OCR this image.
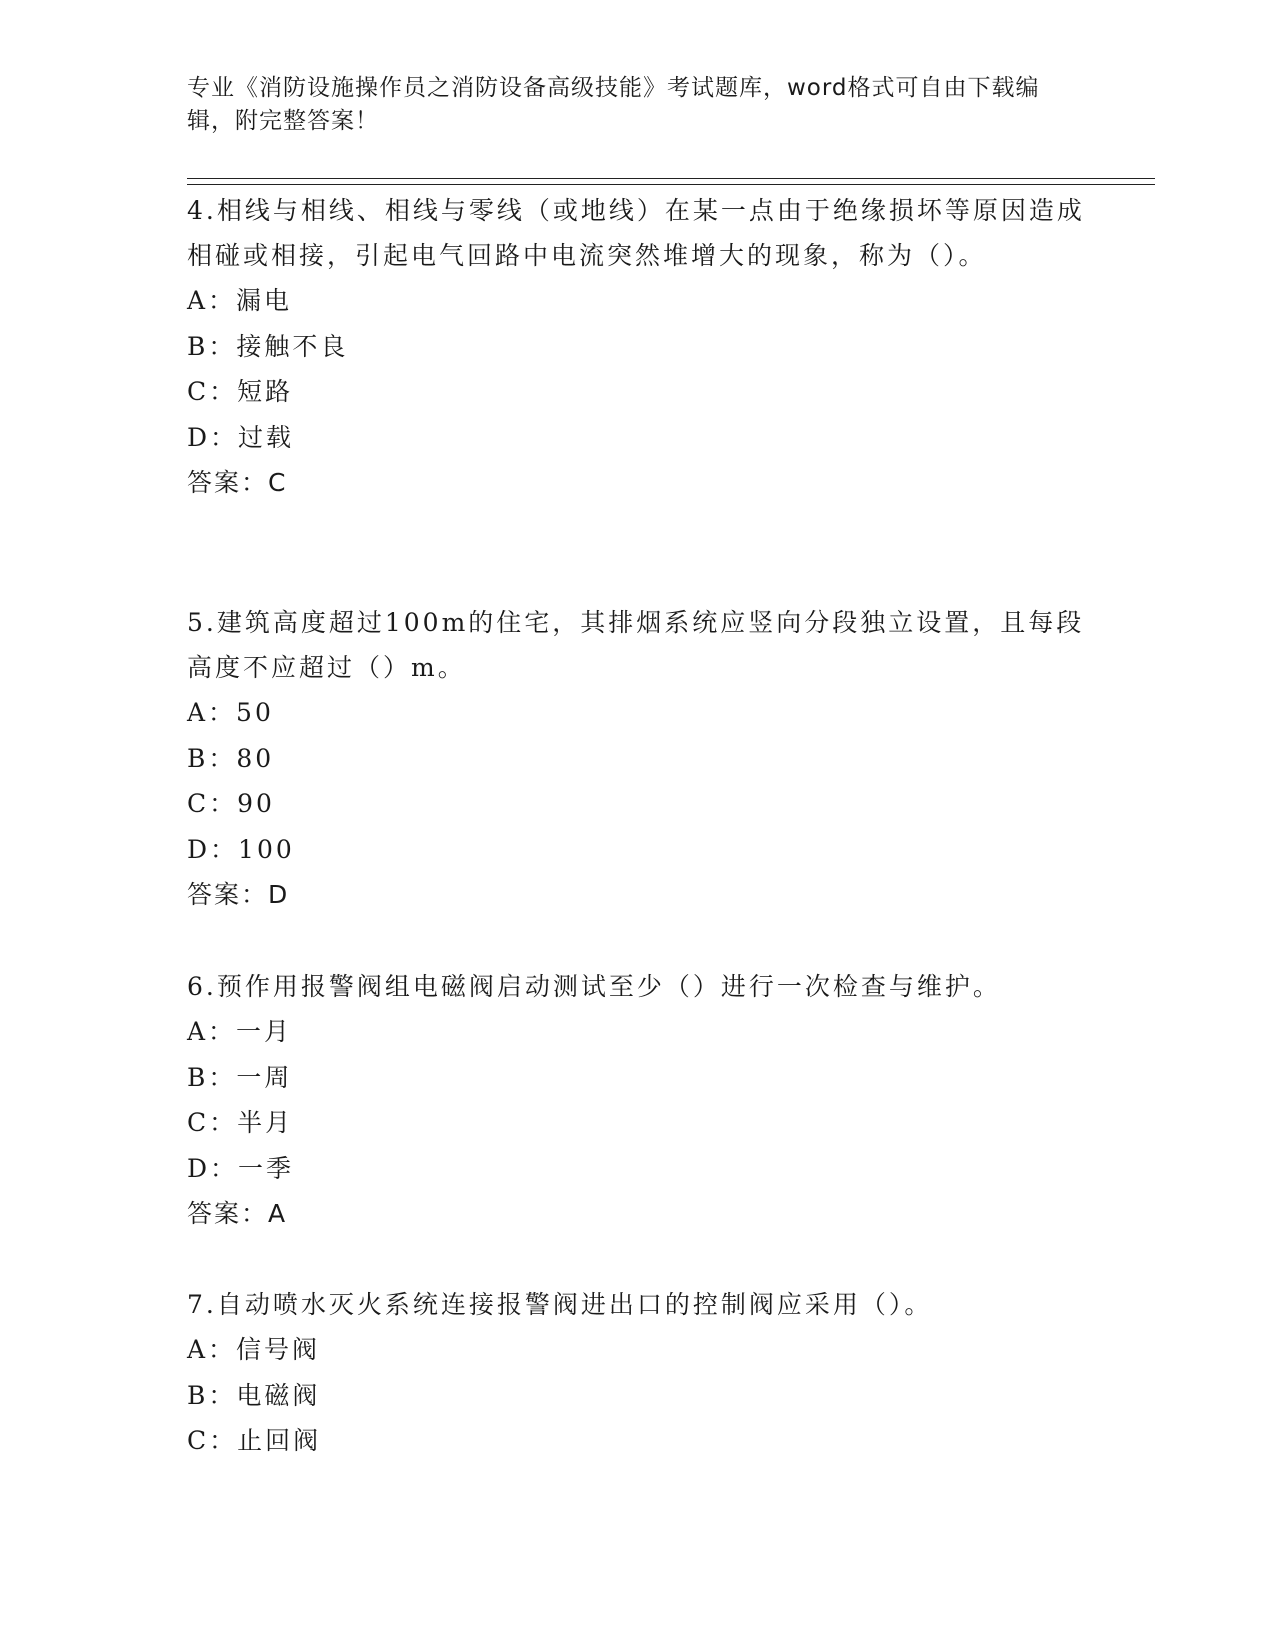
专业《消防设施操作员之消防设备高级技能》考试题库，word格式可自由下载编辑，附完整答案！

4.相线与相线、相线与零线（或地线）在某一点由于绝缘损坏等原因造成相碰或相接，引起电气回路中电流突然堆增大的现象，称为（）。

A：漏电

B：接触不良

C：短路

D：过载

答案：C

5.建筑高度超过100m的住宅，其排烟系统应竖向分段独立设置，且每段高度不应超过（）m。

A：50

B：80

C：90

D：100

答案：D

6.预作用报警阀组电磁阀启动测试至少（）进行一次检查与维护。

A：一月

B：一周

C：半月

D：一季

答案：A

7.自动喷水灭火系统连接报警阀进出口的控制阀应采用（）。

A：信号阀

B：电磁阀

C：止回阀
